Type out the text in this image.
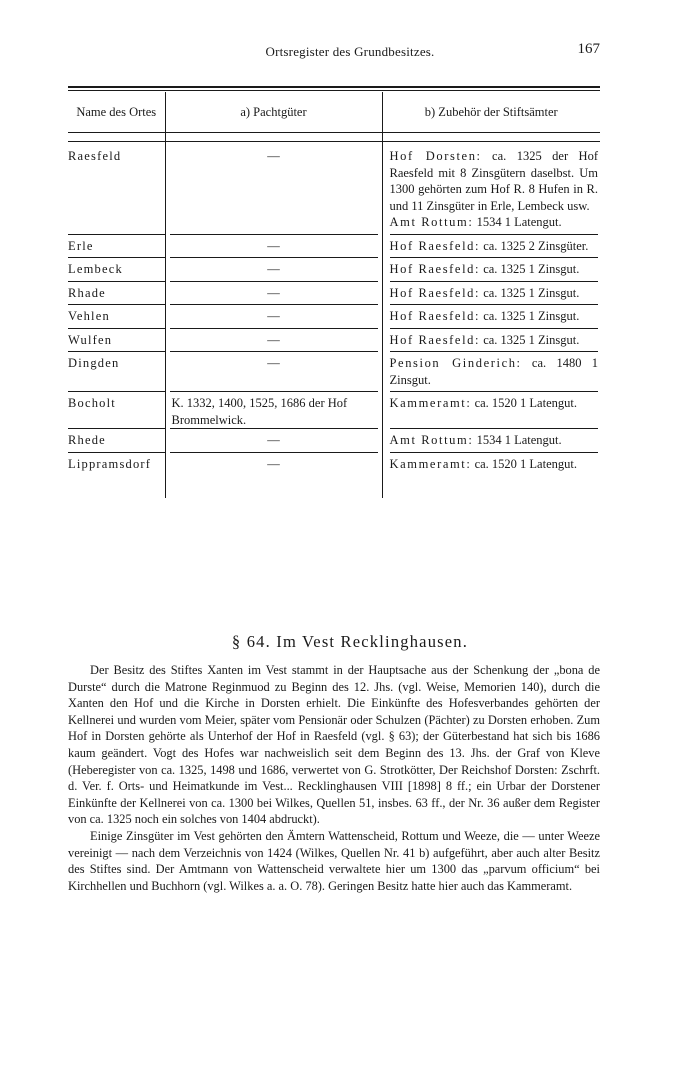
Ortsregister des Grundbesitzes.	167
Name des Ortes	a) Pachtgüter	b) Zubehör der Stiftsämter

Raesfeld	—	Hof Dorsten: ca. 1325 der Hof Raesfeld mit 8 Zinsgütern daselbst. Um 1300 gehörten zum Hof R. 8 Hufen in R. und 11 Zinsgüter in Erle, Lembeck usw.
Amt Rottum: 1534 1 Latengut.

Erle	—	Hof Raesfeld: ca. 1325 2 Zinsgüter.

Lembeck	—	Hof Raesfeld: ca. 1325 1 Zinsgut.

Rhade	—	Hof Raesfeld: ca. 1325 1 Zinsgut.

Vehlen	—	Hof Raesfeld: ca. 1325 1 Zinsgut.

Wulfen	—	Hof Raesfeld: ca. 1325 1 Zinsgut.

Dingden	—	Pension Ginderich: ca. 1480 1 Zinsgut.

Bocholt	K. 1332, 1400, 1525, 1686 der Hof Brommelwick.	Kammeramt: ca. 1520 1 Latengut.

Rhede	—	Amt Rottum: 1534 1 Latengut.

Lippramsdorf	—	Kammeramt: ca. 1520 1 Latengut.
§ 64. Im Vest Recklinghausen.

Der Besitz des Stiftes Xanten im Vest stammt in der Hauptsache aus der Schenkung der „bona de Durste“ durch die Matrone Reginmuod zu Beginn des 12. Jhs. (vgl. Weise, Memorien 140), durch die Xanten den Hof und die Kirche in Dorsten erhielt. Die Einkünfte des Hofesverbandes gehörten der Kellnerei und wurden vom Meier, später vom Pensionär oder Schulzen (Pächter) zu Dorsten erhoben. Zum Hof in Dorsten gehörte als Unterhof der Hof in Raesfeld (vgl. § 63); der Güterbestand hat sich bis 1686 kaum geändert. Vogt des Hofes war nachweislich seit dem Beginn des 13. Jhs. der Graf von Kleve (Heberegister von ca. 1325, 1498 und 1686, verwertet von G. Strotkötter, Der Reichshof Dorsten: Zschrft. d. Ver. f. Orts- und Heimatkunde im Vest... Recklinghausen VIII [1898] 8 ff.; ein Urbar der Dorstener Einkünfte der Kellnerei von ca. 1300 bei Wilkes, Quellen 51, insbes. 63 ff., der Nr. 36 außer dem Register von ca. 1325 noch ein solches von 1404 abdruckt).

Einige Zinsgüter im Vest gehörten den Ämtern Wattenscheid, Rottum und Weeze, die — unter Weeze vereinigt — nach dem Verzeichnis von 1424 (Wilkes, Quellen Nr. 41 b) aufgeführt, aber auch alter Besitz des Stiftes sind. Der Amtmann von Wattenscheid verwaltete hier um 1300 das „parvum officium“ bei Kirchhellen und Buchhorn (vgl. Wilkes a. a. O. 78). Geringen Besitz hatte hier auch das Kammeramt.
